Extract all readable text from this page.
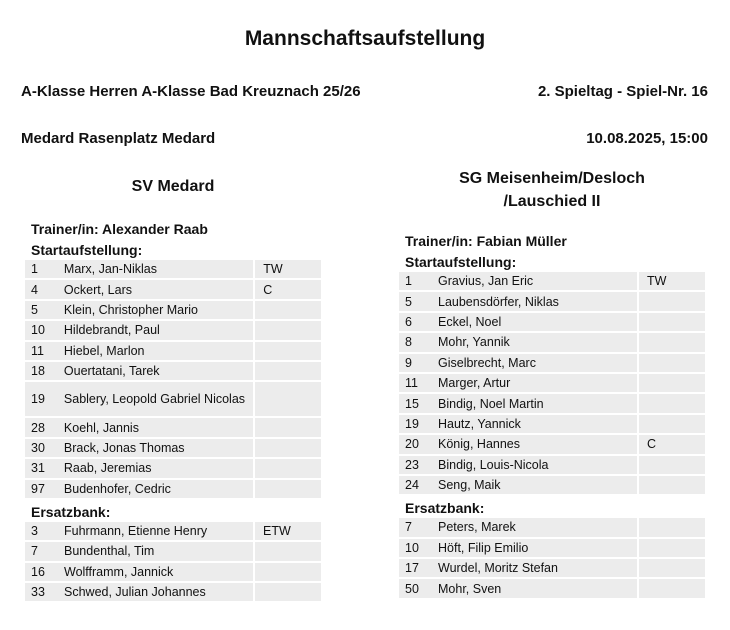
Mannschaftsaufstellung
A-Klasse Herren A-Klasse Bad Kreuznach 25/26	2. Spieltag - Spiel-Nr. 16
Medard Rasenplatz Medard	10.08.2025, 15:00
SV Medard
Trainer/in: Alexander Raab
Startaufstellung:
1	Marx, Jan-Niklas	TW
4	Ockert, Lars	C
5	Klein, Christopher Mario	
10	Hildebrandt, Paul	
11	Hiebel, Marlon	
18	Ouertatani, Tarek	
19	Sablery, Leopold Gabriel Nicolas	
28	Koehl, Jannis	
30	Brack, Jonas Thomas	
31	Raab, Jeremias	
97	Budenhofer, Cedric	
Ersatzbank:
3	Fuhrmann, Etienne Henry	ETW
7	Bundenthal, Tim	
16	Wolfframm, Jannick	
33	Schwed, Julian Johannes	
SG Meisenheim/Desloch
/Lauschied II
Trainer/in: Fabian Müller
Startaufstellung:
1	Gravius, Jan Eric	TW
5	Laubensdörfer, Niklas	
6	Eckel, Noel	
8	Mohr, Yannik	
9	Giselbrecht, Marc	
11	Marger, Artur	
15	Bindig, Noel Martin	
19	Hautz, Yannick	
20	König, Hannes	C
23	Bindig, Louis-Nicola	
24	Seng, Maik	
Ersatzbank:
7	Peters, Marek	
10	Höft, Filip Emilio	
17	Wurdel, Moritz Stefan	
50	Mohr, Sven	
